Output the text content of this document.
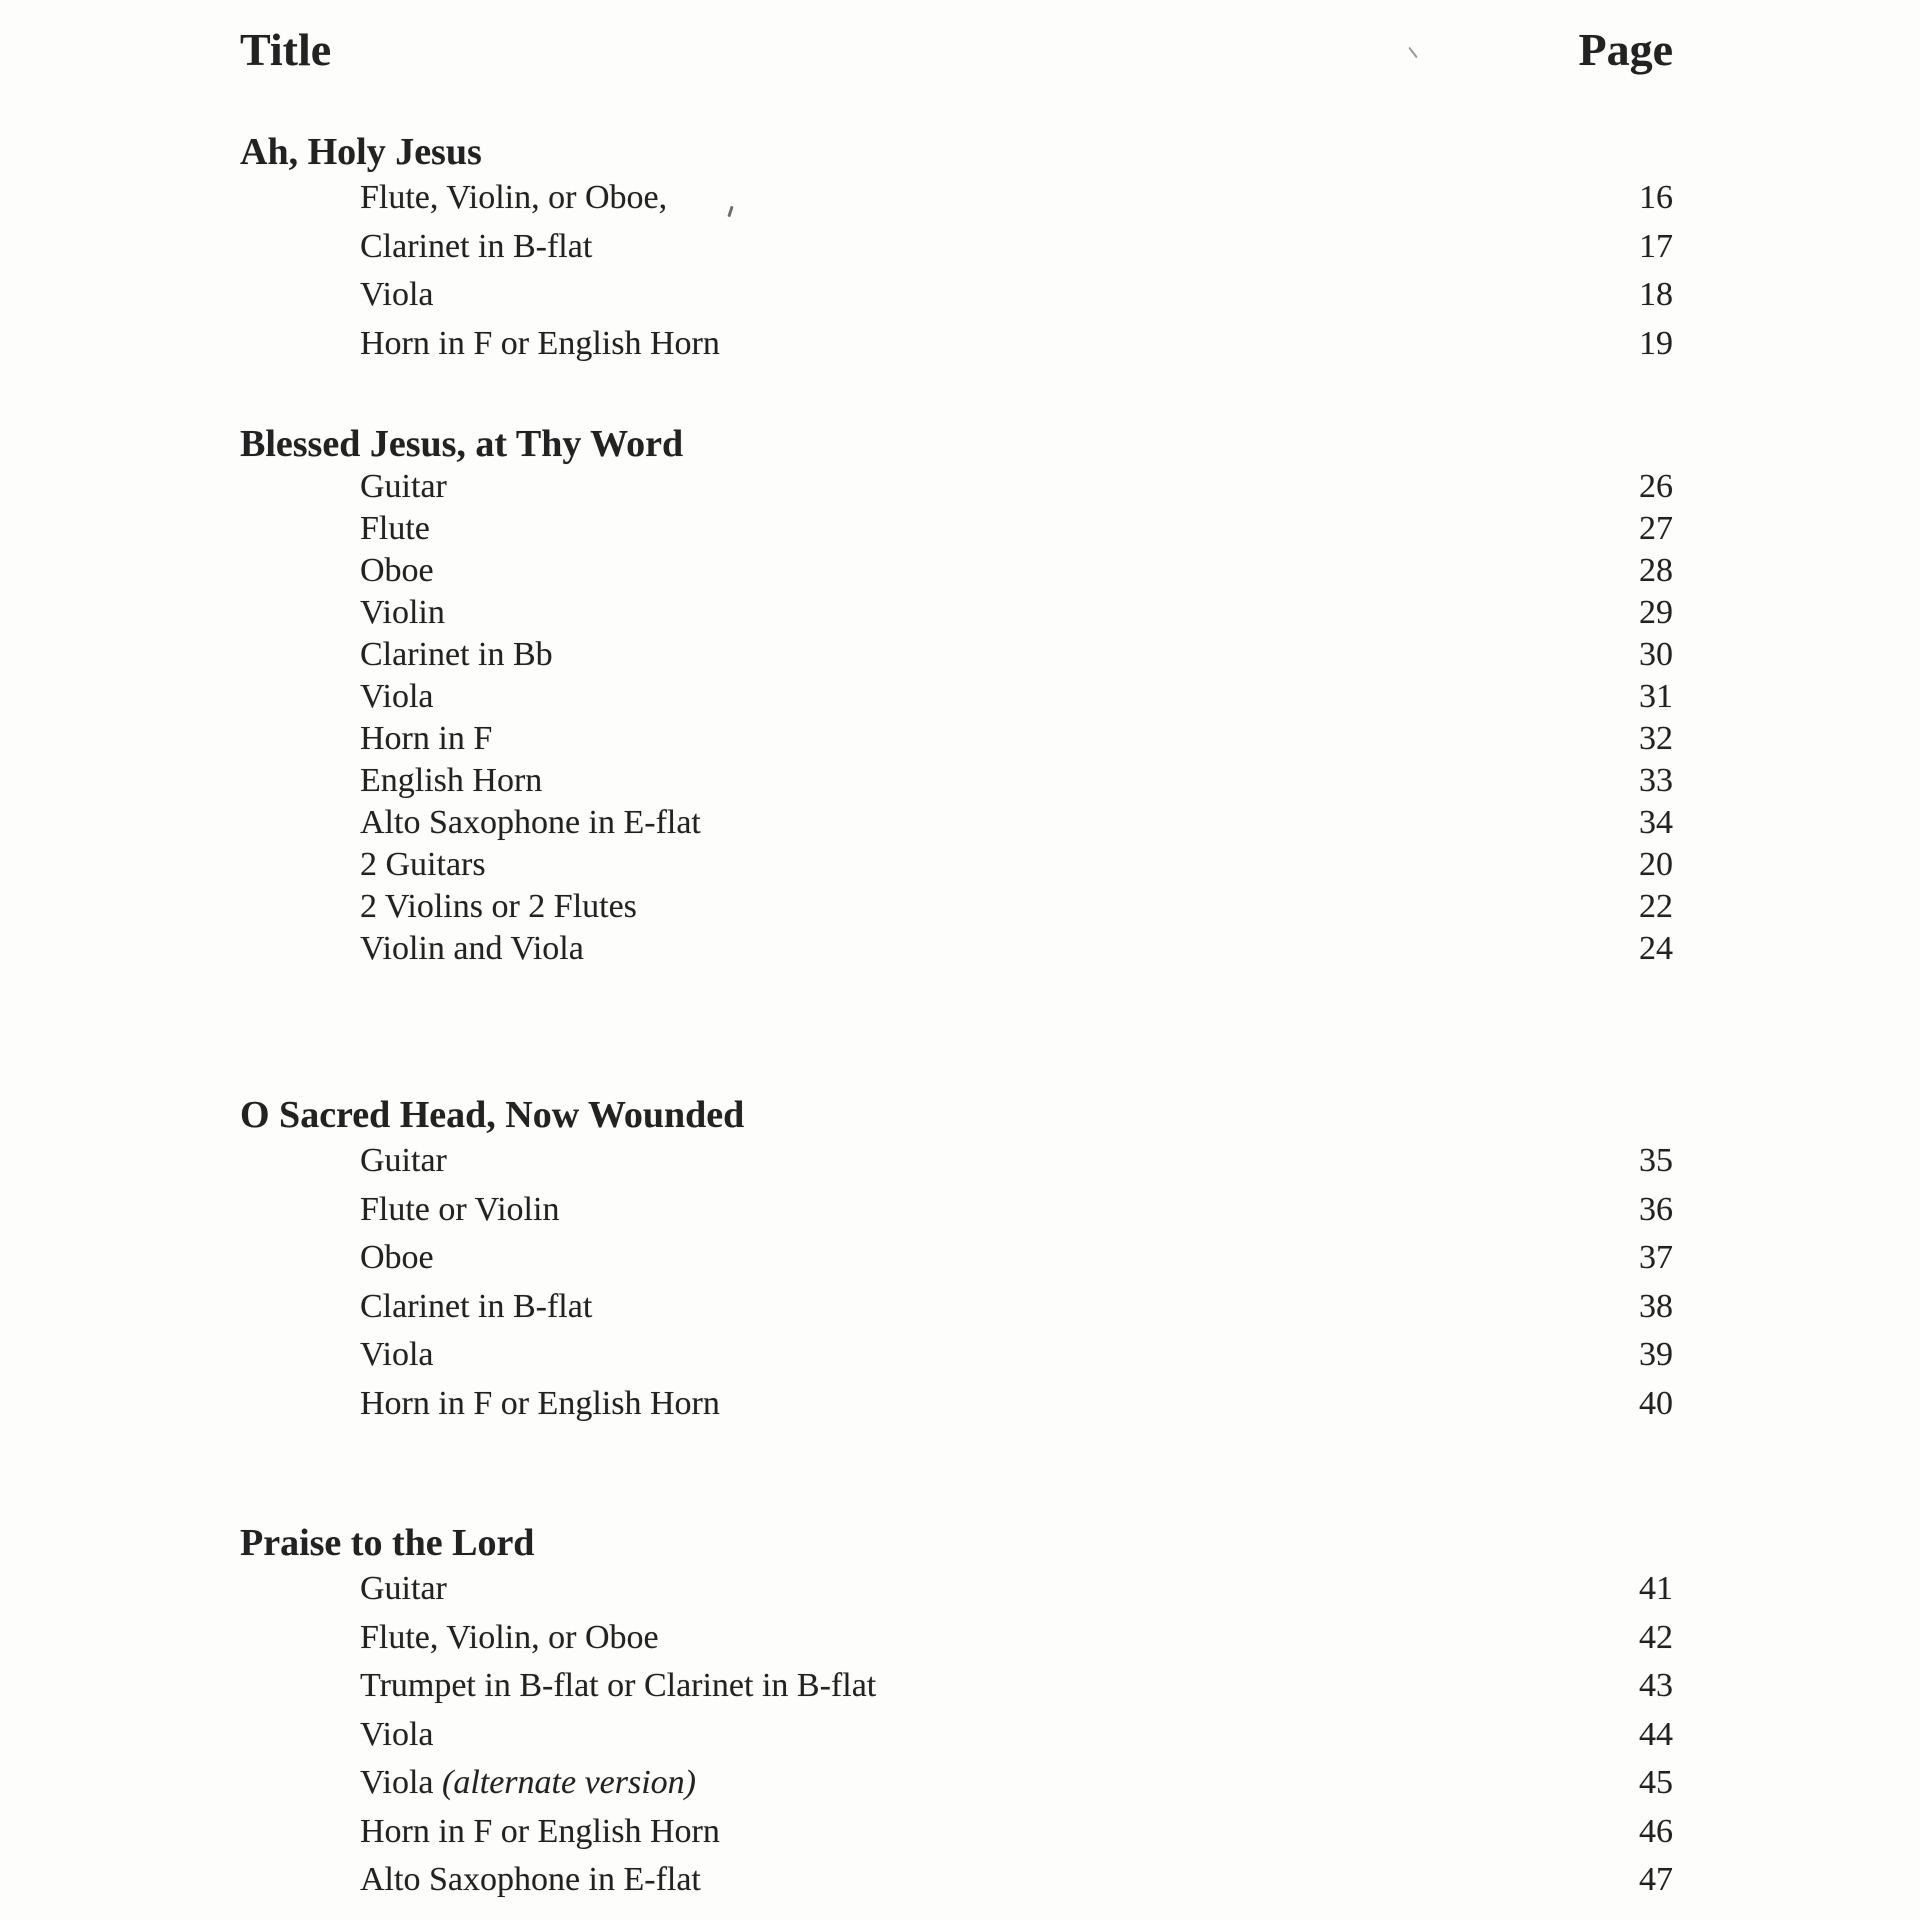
Title	Page
Ah, Holy Jesus
Flute, Violin, or Oboe,	16
Clarinet in B-flat	17
Viola	18
Horn in F or English Horn	19
Blessed Jesus, at Thy Word
Guitar	26
Flute	27
Oboe	28
Violin	29
Clarinet in Bb	30
Viola	31
Horn in F	32
English Horn	33
Alto Saxophone in E-flat	34
2 Guitars	20
2 Violins or 2 Flutes	22
Violin and Viola	24
O Sacred Head, Now Wounded
Guitar	35
Flute or Violin	36
Oboe	37
Clarinet in B-flat	38
Viola	39
Horn in F or English Horn	40
Praise to the Lord
Guitar	41
Flute, Violin, or Oboe	42
Trumpet in B-flat or Clarinet in B-flat	43
Viola	44
Viola (alternate version)	45
Horn in F or English Horn	46
Alto Saxophone in E-flat	47
